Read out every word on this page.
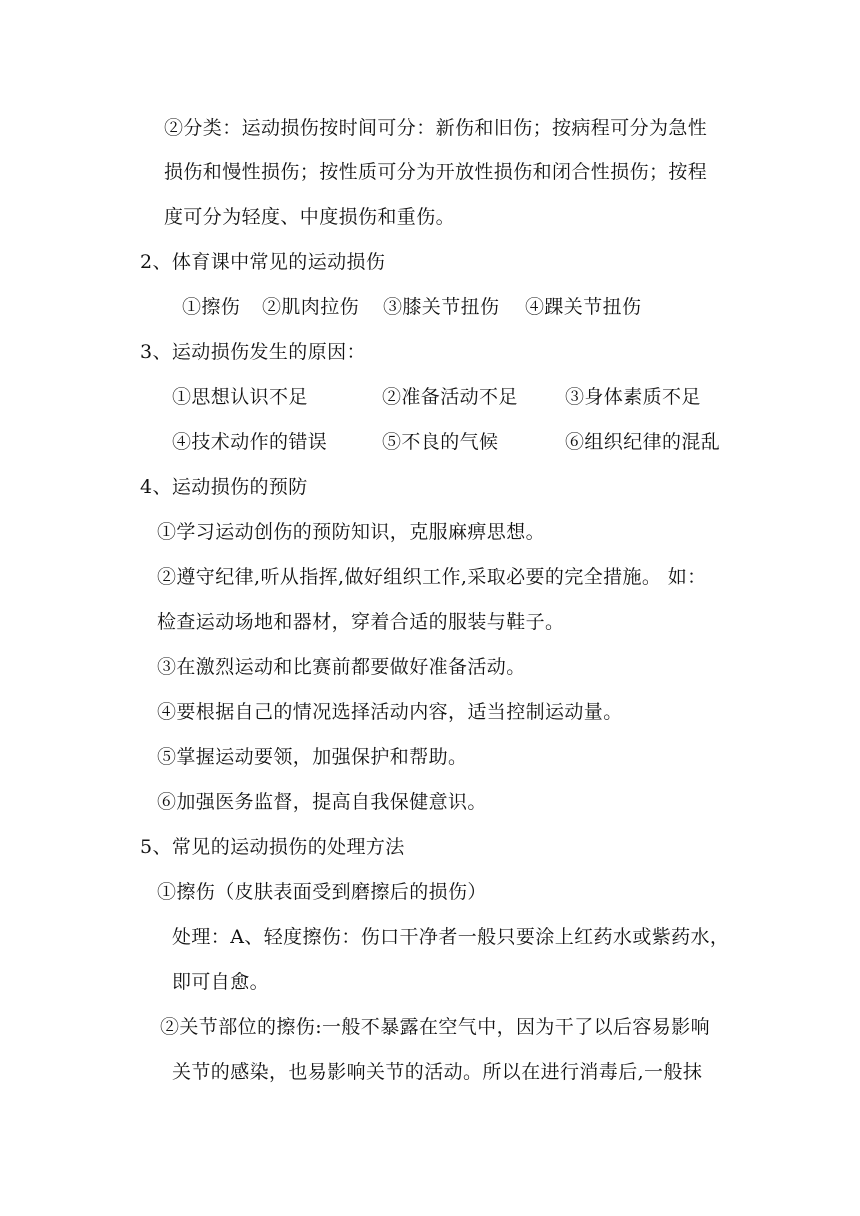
②分类：运动损伤按时间可分：新伤和旧伤；按病程可分为急性
损伤和慢性损伤；按性质可分为开放性损伤和闭合性损伤；按程
度可分为轻度、中度损伤和重伤。
2、体育课中常见的运动损伤
①擦伤 ②肌肉拉伤 ③膝关节扭伤 ④踝关节扭伤
3、运动损伤发生的原因：
①思想认识不足	②准备活动不足 ③身体素质不足
④技术动作的错误	⑤不良的气候	⑥组织纪律的混乱
4、运动损伤的预防
①学习运动创伤的预防知识，克服麻痹思想。
②遵守纪律,听从指挥,做好组织工作,采取必要的完全措施。 如：
检查运动场地和器材，穿着合适的服装与鞋子。
③在激烈运动和比赛前都要做好准备活动。
④要根据自己的情况选择活动内容，适当控制运动量。
⑤掌握运动要领，加强保护和帮助。
⑥加强医务监督，提高自我保健意识。
5、常见的运动损伤的处理方法
①擦伤（皮肤表面受到磨擦后的损伤）
处理：A、轻度擦伤：伤口干净者一般只要涂上红药水或紫药水，
即可自愈。
②关节部位的擦伤:一般不暴露在空气中，因为干了以后容易影响
关节的感染，也易影响关节的活动。所以在进行消毒后,一般抹
